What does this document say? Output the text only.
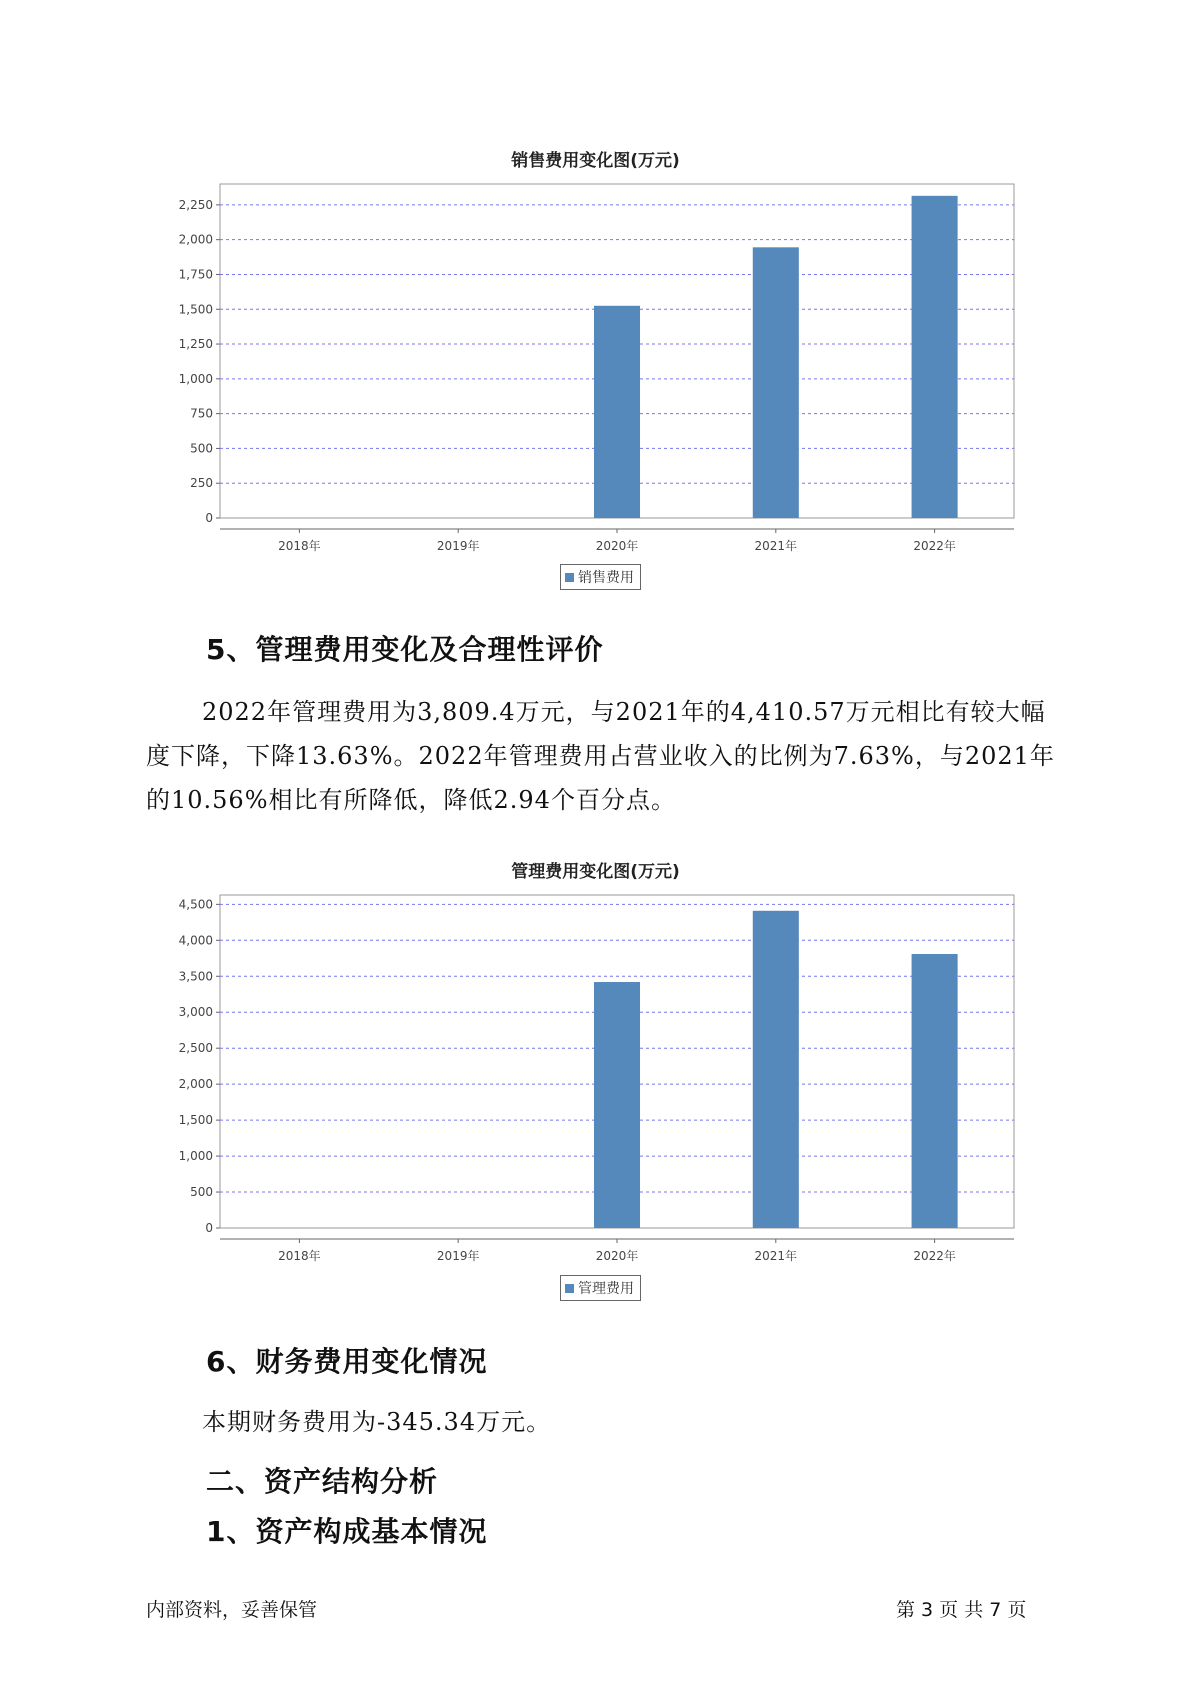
销售费用变化图(万元)
0
250
500
750
1,000
1,250
1,500
1,750
2,000
2,250
2018年	2019年	2020年	2021年	2022年
销售费用
5、管理费用变化及合理性评价

2022年管理费用为3,809.4万元，与2021年的4,410.57万元相比有较大幅度下降，下降13.63%。2022年管理费用占营业收入的比例为7.63%，与2021年的10.56%相比有所降低，降低2.94个百分点。

管理费用变化图(万元)
0
500
1,000
1,500
2,000
2,500
3,000
3,500
4,000
4,500
2018年	2019年	2020年	2021年	2022年
管理费用
6、财务费用变化情况

本期财务费用为-345.34万元。

二、资产结构分析
1、资产构成基本情况
内部资料，妥善保管	第 3 页 共 7 页
